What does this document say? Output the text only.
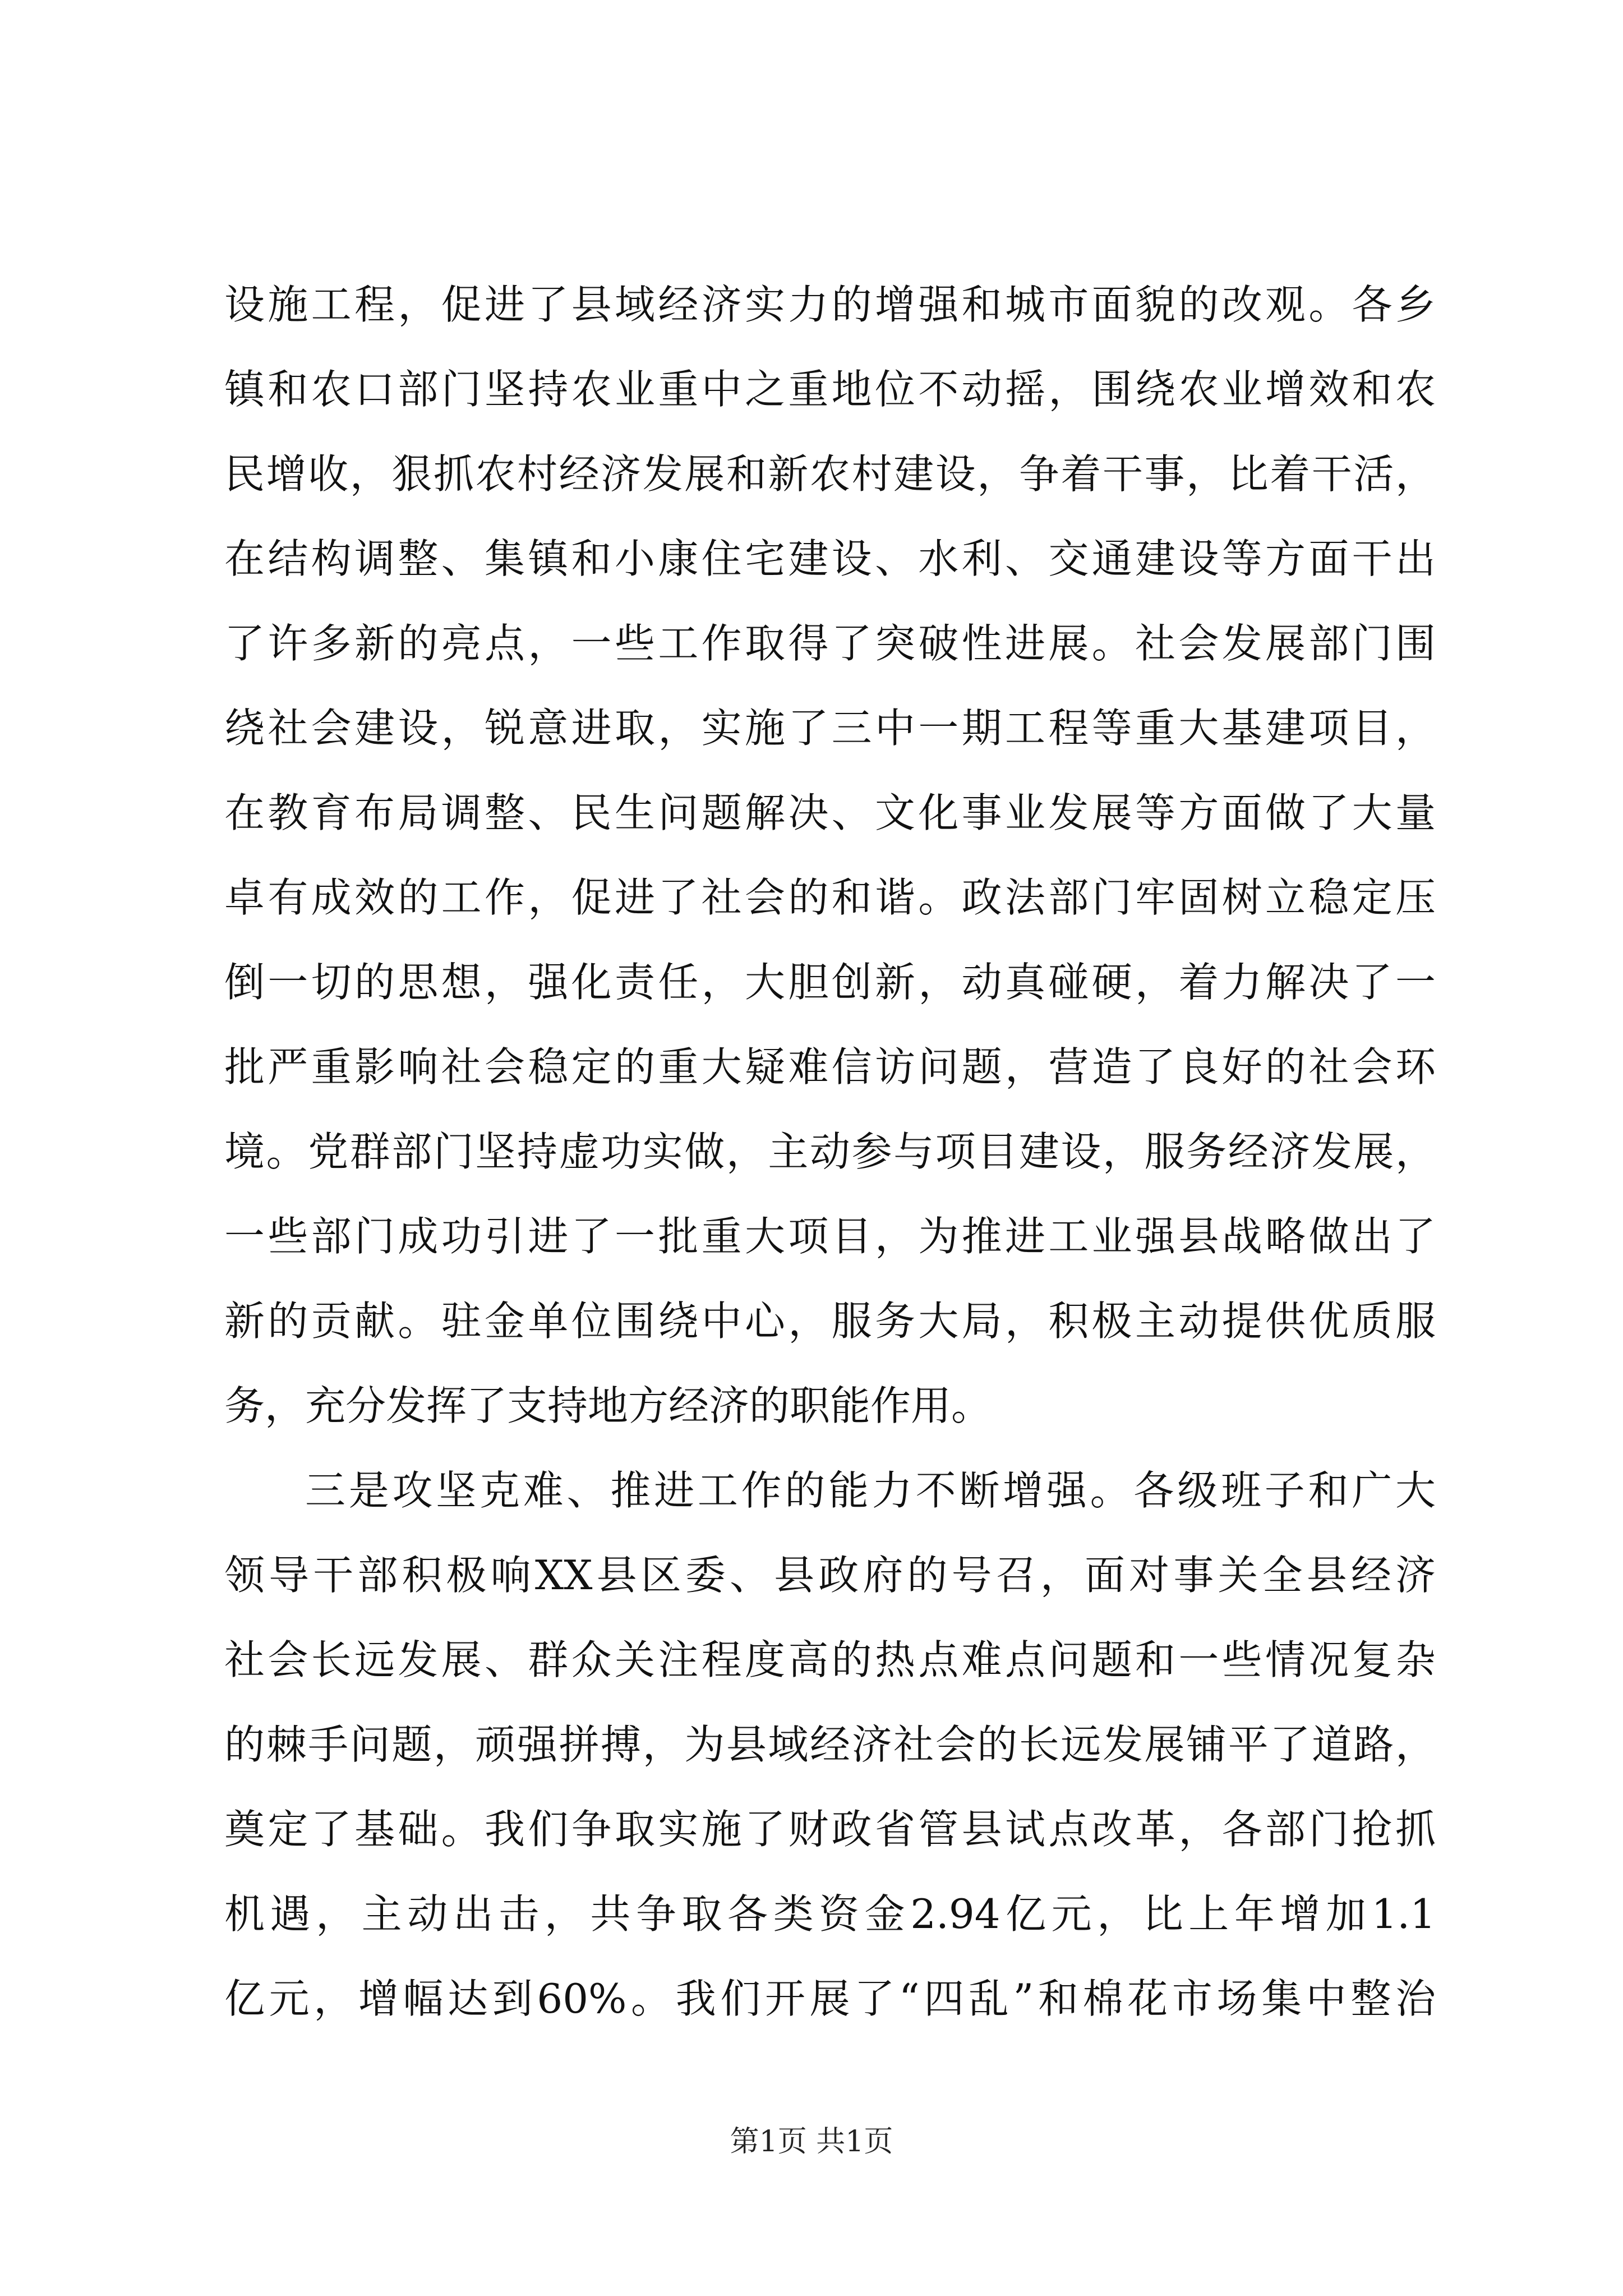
设施工程，促进了县域经济实力的增强和城市面貌的改观。各乡
镇和农口部门坚持农业重中之重地位不动摇，围绕农业增效和农
民增收，狠抓农村经济发展和新农村建设，争着干事，比着干活，
在结构调整、集镇和小康住宅建设、水利、交通建设等方面干出
了许多新的亮点，一些工作取得了突破性进展。社会发展部门围
绕社会建设，锐意进取，实施了三中一期工程等重大基建项目，
在教育布局调整、民生问题解决、文化事业发展等方面做了大量
卓有成效的工作，促进了社会的和谐。政法部门牢固树立稳定压
倒一切的思想，强化责任，大胆创新，动真碰硬，着力解决了一
批严重影响社会稳定的重大疑难信访问题，营造了良好的社会环
境。党群部门坚持虚功实做，主动参与项目建设，服务经济发展，
一些部门成功引进了一批重大项目，为推进工业强县战略做出了
新的贡献。驻金单位围绕中心，服务大局，积极主动提供优质服
务，充分发挥了支持地方经济的职能作用。
三是攻坚克难、推进工作的能力不断增强。各级班子和广大
领导干部积极响XX县区委、县政府的号召，面对事关全县经济
社会长远发展、群众关注程度高的热点难点问题和一些情况复杂
的棘手问题，顽强拼搏，为县域经济社会的长远发展铺平了道路，
奠定了基础。我们争取实施了财政省管县试点改革，各部门抢抓
机遇，主动出击，共争取各类资金2.94亿元，比上年增加1.1
亿元，增幅达到60%。我们开展了“四乱”和棉花市场集中整治
第1页 共1页
